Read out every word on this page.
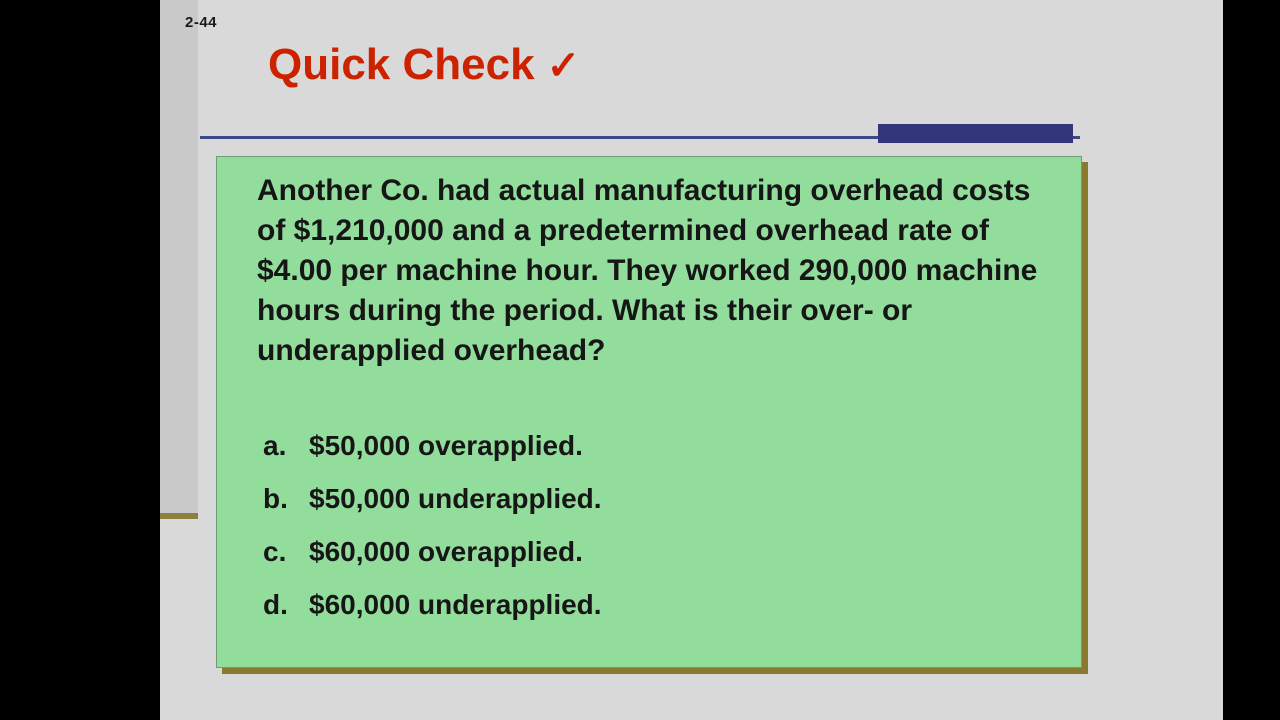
2-44
Quick Check ✓
Another Co. had actual manufacturing overhead costs of $1,210,000 and a predetermined overhead rate of $4.00 per machine hour. They worked 290,000 machine hours during the period. What is their over- or underapplied overhead?
a. $50,000 overapplied.
b. $50,000 underapplied.
c. $60,000 overapplied.
d. $60,000 underapplied.
